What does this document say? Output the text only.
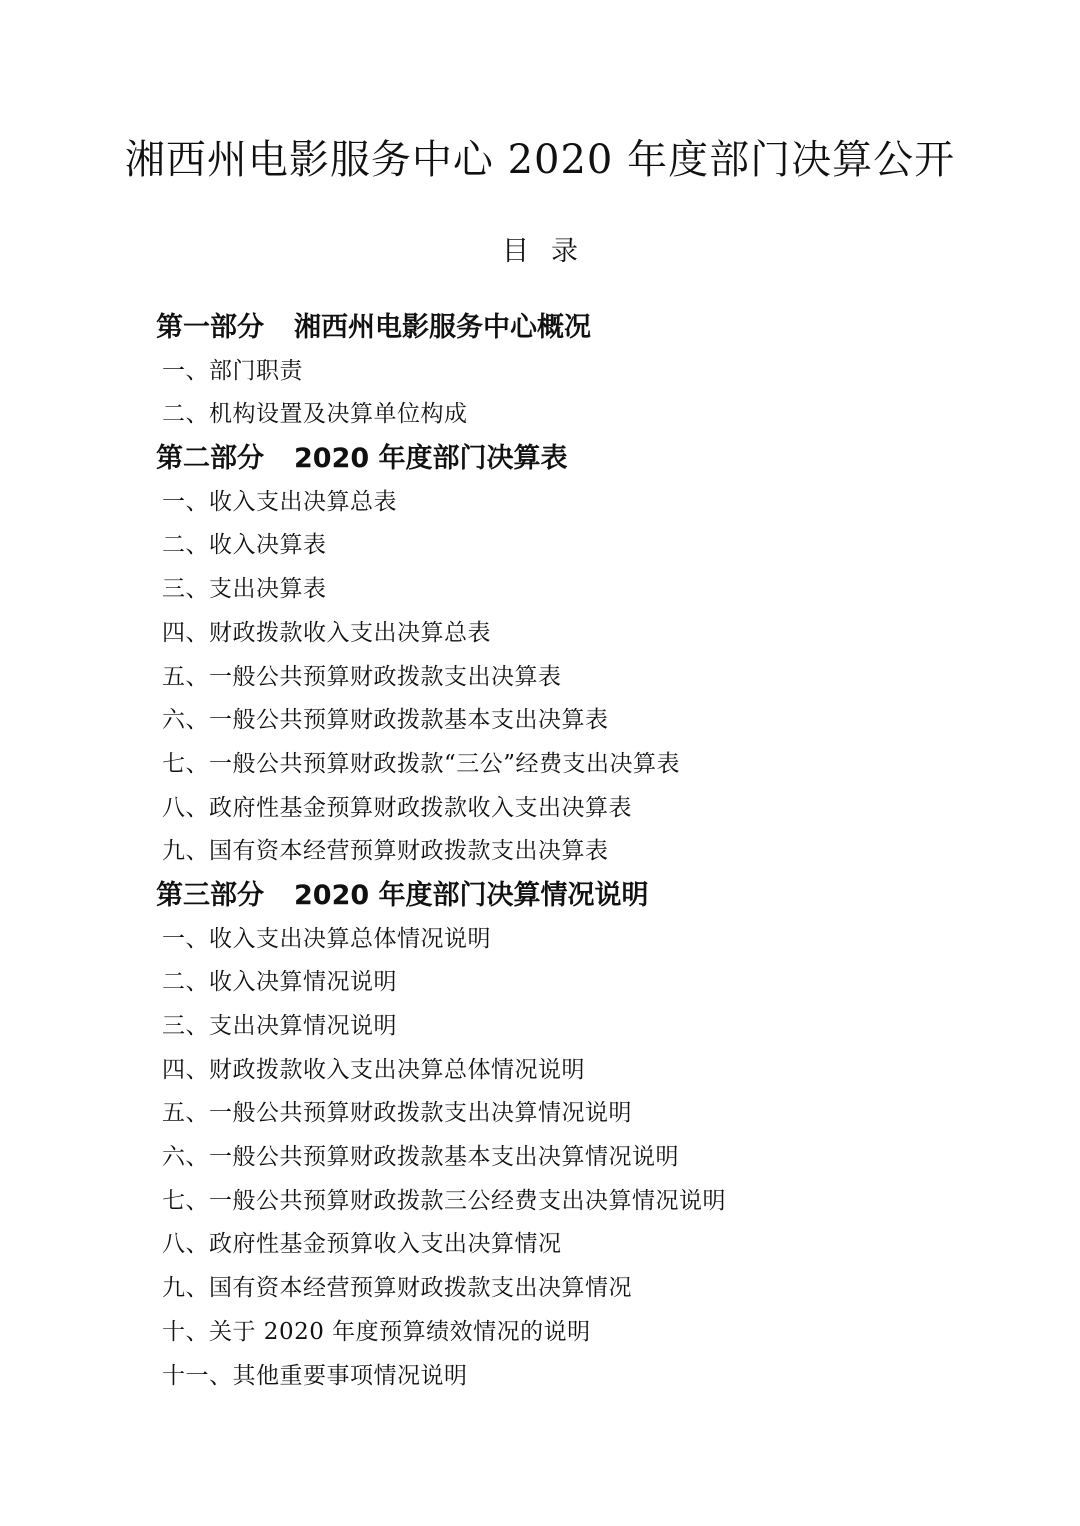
湘西州电影服务中心 2020 年度部门决算公开
目录
第一部分 湘西州电影服务中心概况
一、部门职责
二、机构设置及决算单位构成
第二部分 2020 年度部门决算表
一、收入支出决算总表
二、收入决算表
三、支出决算表
四、财政拨款收入支出决算总表
五、一般公共预算财政拨款支出决算表
六、一般公共预算财政拨款基本支出决算表
七、一般公共预算财政拨款“三公”经费支出决算表
八、政府性基金预算财政拨款收入支出决算表
九、国有资本经营预算财政拨款支出决算表
第三部分 2020 年度部门决算情况说明
一、收入支出决算总体情况说明
二、收入决算情况说明
三、支出决算情况说明
四、财政拨款收入支出决算总体情况说明
五、一般公共预算财政拨款支出决算情况说明
六、一般公共预算财政拨款基本支出决算情况说明
七、一般公共预算财政拨款三公经费支出决算情况说明
八、政府性基金预算收入支出决算情况
九、国有资本经营预算财政拨款支出决算情况
十、关于 2020 年度预算绩效情况的说明
十一、其他重要事项情况说明
